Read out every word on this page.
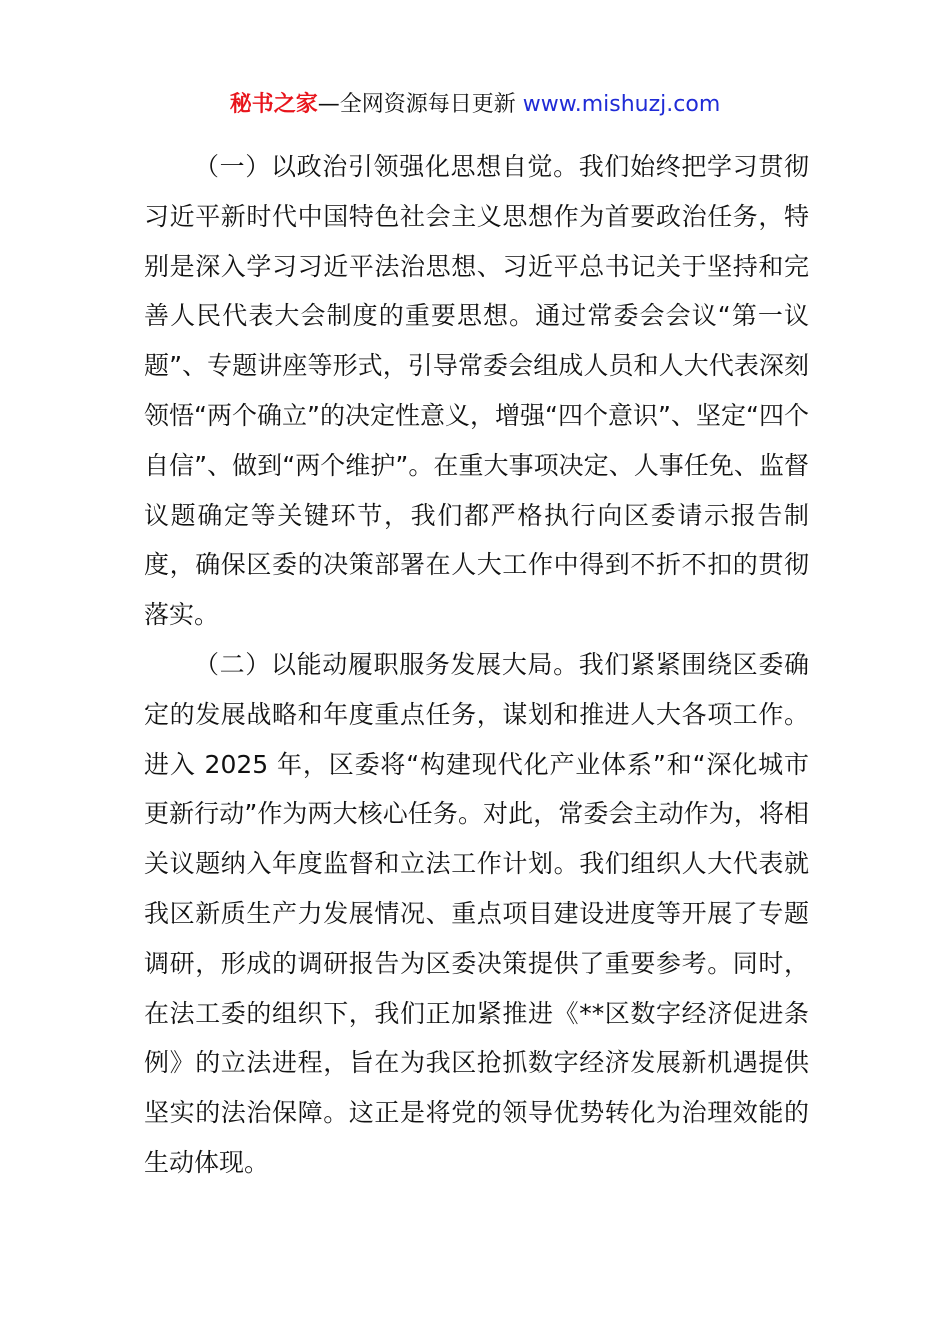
秘书之家—全网资源每日更新 www.mishuzj.com

（一）以政治引领强化思想自觉。我们始终把学习贯彻习近平新时代中国特色社会主义思想作为首要政治任务，特别是深入学习习近平法治思想、习近平总书记关于坚持和完善人民代表大会制度的重要思想。通过常委会会议“第一议题”、专题讲座等形式，引导常委会组成人员和人大代表深刻领悟“两个确立”的决定性意义，增强“四个意识”、坚定“四个自信”、做到“两个维护”。在重大事项决定、人事任免、监督议题确定等关键环节，我们都严格执行向区委请示报告制度，确保区委的决策部署在人大工作中得到不折不扣的贯彻落实。

（二）以能动履职服务发展大局。我们紧紧围绕区委确定的发展战略和年度重点任务，谋划和推进人大各项工作。进入 2025 年，区委将“构建现代化产业体系”和“深化城市更新行动”作为两大核心任务。对此，常委会主动作为，将相关议题纳入年度监督和立法工作计划。我们组织人大代表就我区新质生产力发展情况、重点项目建设进度等开展了专题调研，形成的调研报告为区委决策提供了重要参考。同时，在法工委的组织下，我们正加紧推进《**区数字经济促进条例》的立法进程，旨在为我区抢抓数字经济发展新机遇提供坚实的法治保障。这正是将党的领导优势转化为治理效能的生动体现。
